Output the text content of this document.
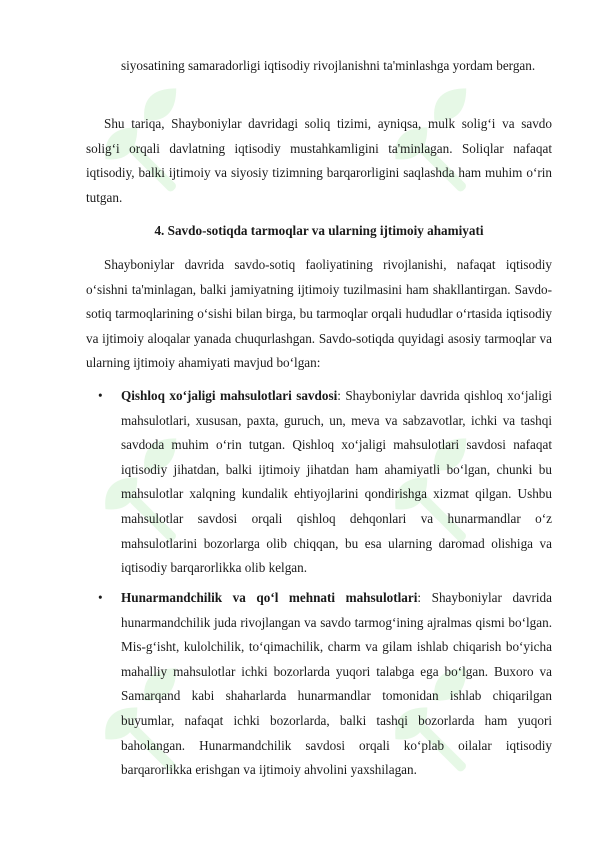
siyosatining samaradorligi iqtisodiy rivojlanishni ta'minlashga yordam bergan.

Shu tariqa, Shayboniylar davridagi soliq tizimi, ayniqsa, mulk solig‘i va savdo solig‘i orqali davlatning iqtisodiy mustahkamligini ta'minlagan. Soliqlar nafaqat iqtisodiy, balki ijtimoiy va siyosiy tizimning barqarorligini saqlashda ham muhim o‘rin tutgan.

4. Savdo-sotiqda tarmoqlar va ularning ijtimoiy ahamiyati

Shayboniylar davrida savdo-sotiq faoliyatining rivojlanishi, nafaqat iqtisodiy o‘sishni ta'minlagan, balki jamiyatning ijtimoiy tuzilmasini ham shakllantirgan. Savdo-sotiq tarmoqlarining o‘sishi bilan birga, bu tarmoqlar orqali hududlar o‘rtasida iqtisodiy va ijtimoiy aloqalar yanada chuqurlashgan. Savdo-sotiqda quyidagi asosiy tarmoqlar va ularning ijtimoiy ahamiyati mavjud bo‘lgan:

• Qishloq xo‘jaligi mahsulotlari savdosi: Shayboniylar davrida qishloq xo‘jaligi mahsulotlari, xususan, paxta, guruch, un, meva va sabzavotlar, ichki va tashqi savdoda muhim o‘rin tutgan. Qishloq xo‘jaligi mahsulotlari savdosi nafaqat iqtisodiy jihatdan, balki ijtimoiy jihatdan ham ahamiyatli bo‘lgan, chunki bu mahsulotlar xalqning kundalik ehtiyojlarini qondirishga xizmat qilgan. Ushbu mahsulotlar savdosi orqali qishloq dehqonlari va hunarmandlar o‘z mahsulotlarini bozorlarga olib chiqqan, bu esa ularning daromad olishiga va iqtisodiy barqarorlikka olib kelgan.
• Hunarmandchilik va qo‘l mehnati mahsulotlari: Shayboniylar davrida hunarmandchilik juda rivojlangan va savdo tarmog‘ining ajralmas qismi bo‘lgan. Mis-g‘isht, kulolchilik, to‘qimachilik, charm va gilam ishlab chiqarish bo‘yicha mahalliy mahsulotlar ichki bozorlarda yuqori talabga ega bo‘lgan. Buxoro va Samarqand kabi shaharlarda hunarmandlar tomonidan ishlab chiqarilgan buyumlar, nafaqat ichki bozorlarda, balki tashqi bozorlarda ham yuqori baholangan. Hunarmandchilik savdosi orqali ko‘plab oilalar iqtisodiy barqarorlikka erishgan va ijtimoiy ahvolini yaxshilagan.
